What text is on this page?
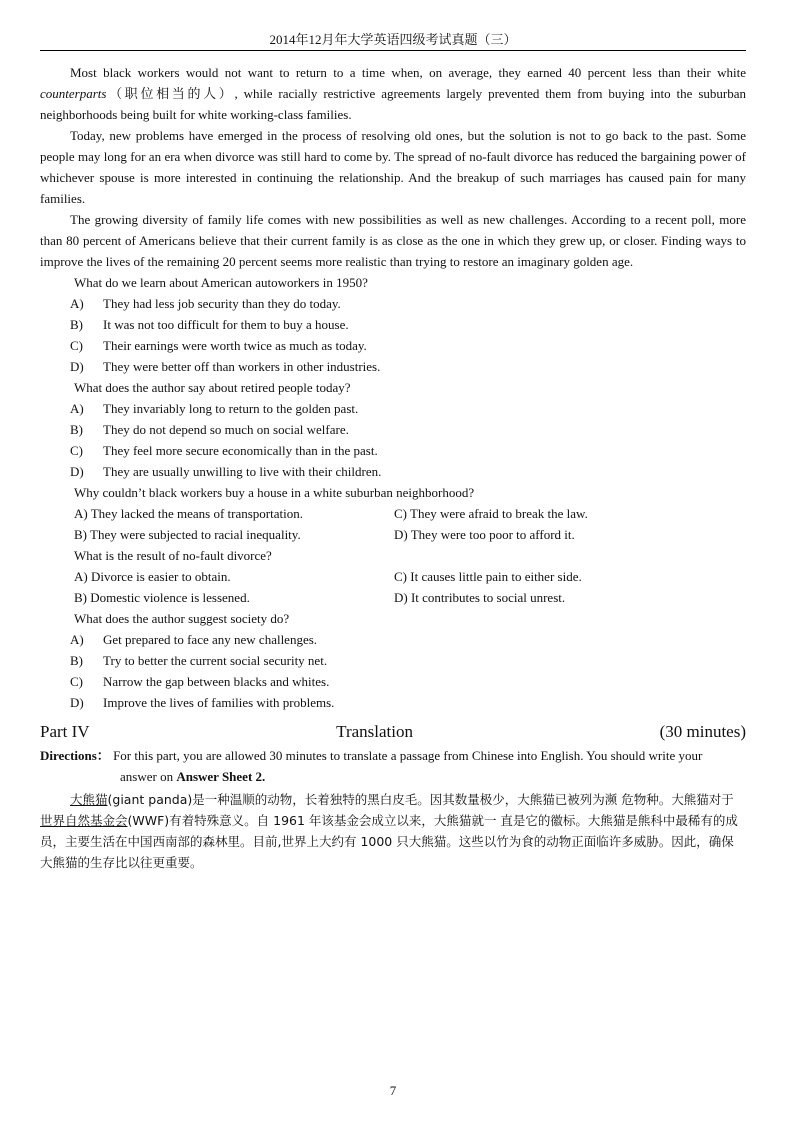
2014年12月年大学英语四级考试真题（三）

Most black workers would not want to return to a time when, on average, they earned 40 percent less than their white counterparts（职位相当的人）, while racially restrictive agreements largely prevented them from buying into the suburban neighborhoods being built for white working-class families.

Today, new problems have emerged in the process of resolving old ones, but the solution is not to go back to the past. Some people may long for an era when divorce was still hard to come by. The spread of no-fault divorce has reduced the bargaining power of whichever spouse is more interested in continuing the relationship. And the breakup of such marriages has caused pain for many families.

The growing diversity of family life comes with new possibilities as well as new challenges. According to a recent poll, more than 80 percent of Americans believe that their current family is as close as the one in which they grew up, or closer. Finding ways to improve the lives of the remaining 20 percent seems more realistic than trying to restore an imaginary golden age.

What do we learn about American autoworkers in 1950?
A)	They had less job security than they do today.
B)	It was not too difficult for them to buy a house.
C)	Their earnings were worth twice as much as today.
D)	They were better off than workers in other industries.
What does the author say about retired people today?
A)	They invariably long to return to the golden past.
B)	They do not depend so much on social welfare.
C)	They feel more secure economically than in the past.
D)	They are usually unwilling to live with their children.
Why couldn’t black workers buy a house in a white suburban neighborhood?
A) They lacked the means of transportation.	C) They were afraid to break the law.
B) They were subjected to racial inequality.	D) They were too poor to afford it.
What is the result of no-fault divorce?
A) Divorce is easier to obtain.	C) It causes little pain to either side.
B) Domestic violence is lessened.	D) It contributes to social unrest.
What does the author suggest society do?
A)	Get prepared to face any new challenges.
B)	Try to better the current social security net.
C)	Narrow the gap between blacks and whites.
D)	Improve the lives of families with problems.
Part IV	Translation	(30 minutes)
Directions： For this part, you are allowed 30 minutes to translate a passage from Chinese into English. You should write your
answer on Answer Sheet 2.

大熊猫(giant panda)是一种温顺的动物，长着独特的黑白皮毛。因其数量极少，大熊猫已被列为濒 危物种。大熊猫对于世界自然基金会(WWF)有着特殊意义。自 1961 年该基金会成立以来，大熊猫就一 直是它的徽标。大熊猫是熊科中最稀有的成员，主要生活在中国西南部的森林里。目前,世界上大约有 1000 只大熊猫。这些以竹为食的动物正面临许多威胁。因此，确保大熊猫的生存比以往更重要。

7
